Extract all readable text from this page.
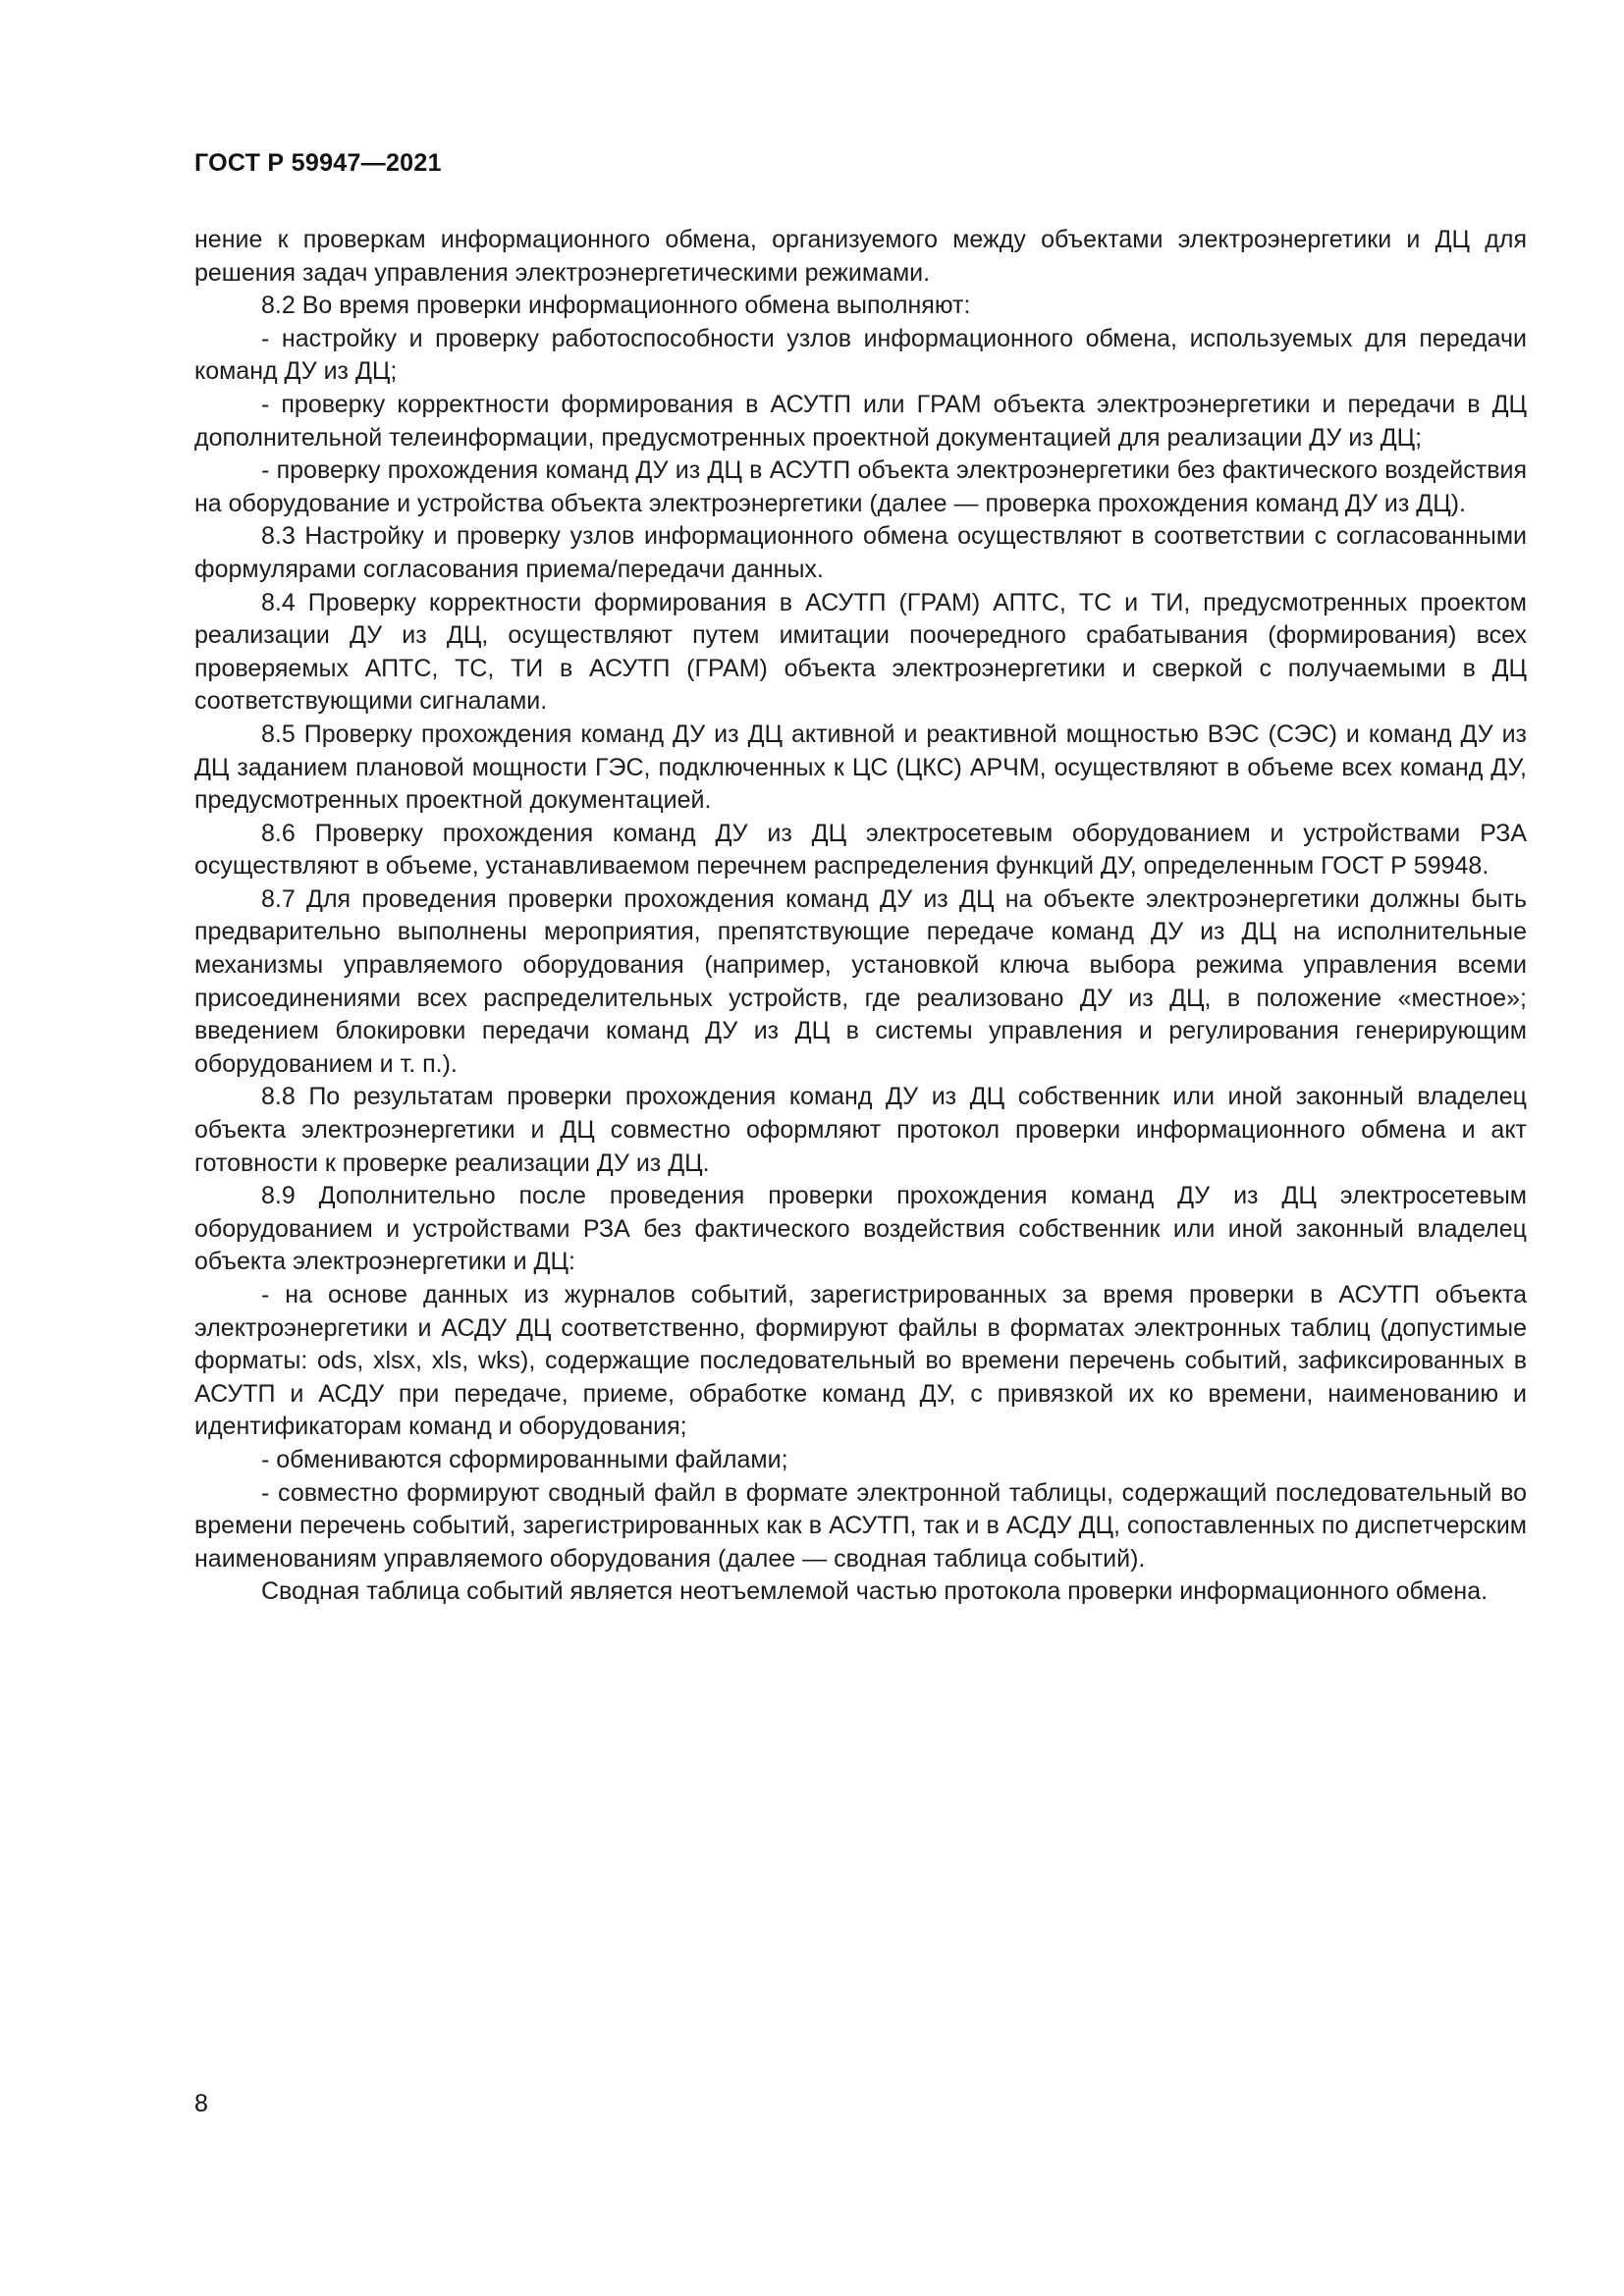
ГОСТ Р 59947—2021

нение к проверкам информационного обмена, организуемого между объектами электроэнергетики и ДЦ для решения задач управления электроэнергетическими режимами.

8.2 Во время проверки информационного обмена выполняют:

- настройку и проверку работоспособности узлов информационного обмена, используемых для передачи команд ДУ из ДЦ;

- проверку корректности формирования в АСУТП или ГРАМ объекта электроэнергетики и передачи в ДЦ дополнительной телеинформации, предусмотренных проектной документацией для реализации ДУ из ДЦ;

- проверку прохождения команд ДУ из ДЦ в АСУТП объекта электроэнергетики без фактического воздействия на оборудование и устройства объекта электроэнергетики (далее — проверка прохождения команд ДУ из ДЦ).

8.3 Настройку и проверку узлов информационного обмена осуществляют в соответствии с согласованными формулярами согласования приема/передачи данных.

8.4 Проверку корректности формирования в АСУТП (ГРАМ) АПТС, ТС и ТИ, предусмотренных проектом реализации ДУ из ДЦ, осуществляют путем имитации поочередного срабатывания (формирования) всех проверяемых АПТС, ТС, ТИ в АСУТП (ГРАМ) объекта электроэнергетики и сверкой с получаемыми в ДЦ соответствующими сигналами.

8.5 Проверку прохождения команд ДУ из ДЦ активной и реактивной мощностью ВЭС (СЭС) и команд ДУ из ДЦ заданием плановой мощности ГЭС, подключенных к ЦС (ЦКС) АРЧМ, осуществляют в объеме всех команд ДУ, предусмотренных проектной документацией.

8.6 Проверку прохождения команд ДУ из ДЦ электросетевым оборудованием и устройствами РЗА осуществляют в объеме, устанавливаемом перечнем распределения функций ДУ, определенным ГОСТ Р 59948.

8.7 Для проведения проверки прохождения команд ДУ из ДЦ на объекте электроэнергетики должны быть предварительно выполнены мероприятия, препятствующие передаче команд ДУ из ДЦ на исполнительные механизмы управляемого оборудования (например, установкой ключа выбора режима управления всеми присоединениями всех распределительных устройств, где реализовано ДУ из ДЦ, в положение «местное»; введением блокировки передачи команд ДУ из ДЦ в системы управления и регулирования генерирующим оборудованием и т. п.).

8.8 По результатам проверки прохождения команд ДУ из ДЦ собственник или иной законный владелец объекта электроэнергетики и ДЦ совместно оформляют протокол проверки информационного обмена и акт готовности к проверке реализации ДУ из ДЦ.

8.9 Дополнительно после проведения проверки прохождения команд ДУ из ДЦ электросетевым оборудованием и устройствами РЗА без фактического воздействия собственник или иной законный владелец объекта электроэнергетики и ДЦ:

- на основе данных из журналов событий, зарегистрированных за время проверки в АСУТП объекта электроэнергетики и АСДУ ДЦ соответственно, формируют файлы в форматах электронных таблиц (допустимые форматы: ods, xlsx, xls, wks), содержащие последовательный во времени перечень событий, зафиксированных в АСУТП и АСДУ при передаче, приеме, обработке команд ДУ, с привязкой их ко времени, наименованию и идентификаторам команд и оборудования;

- обмениваются сформированными файлами;

- совместно формируют сводный файл в формате электронной таблицы, содержащий последовательный во времени перечень событий, зарегистрированных как в АСУТП, так и в АСДУ ДЦ, сопоставленных по диспетчерским наименованиям управляемого оборудования (далее — сводная таблица событий).

Сводная таблица событий является неотъемлемой частью протокола проверки информационного обмена.

8
